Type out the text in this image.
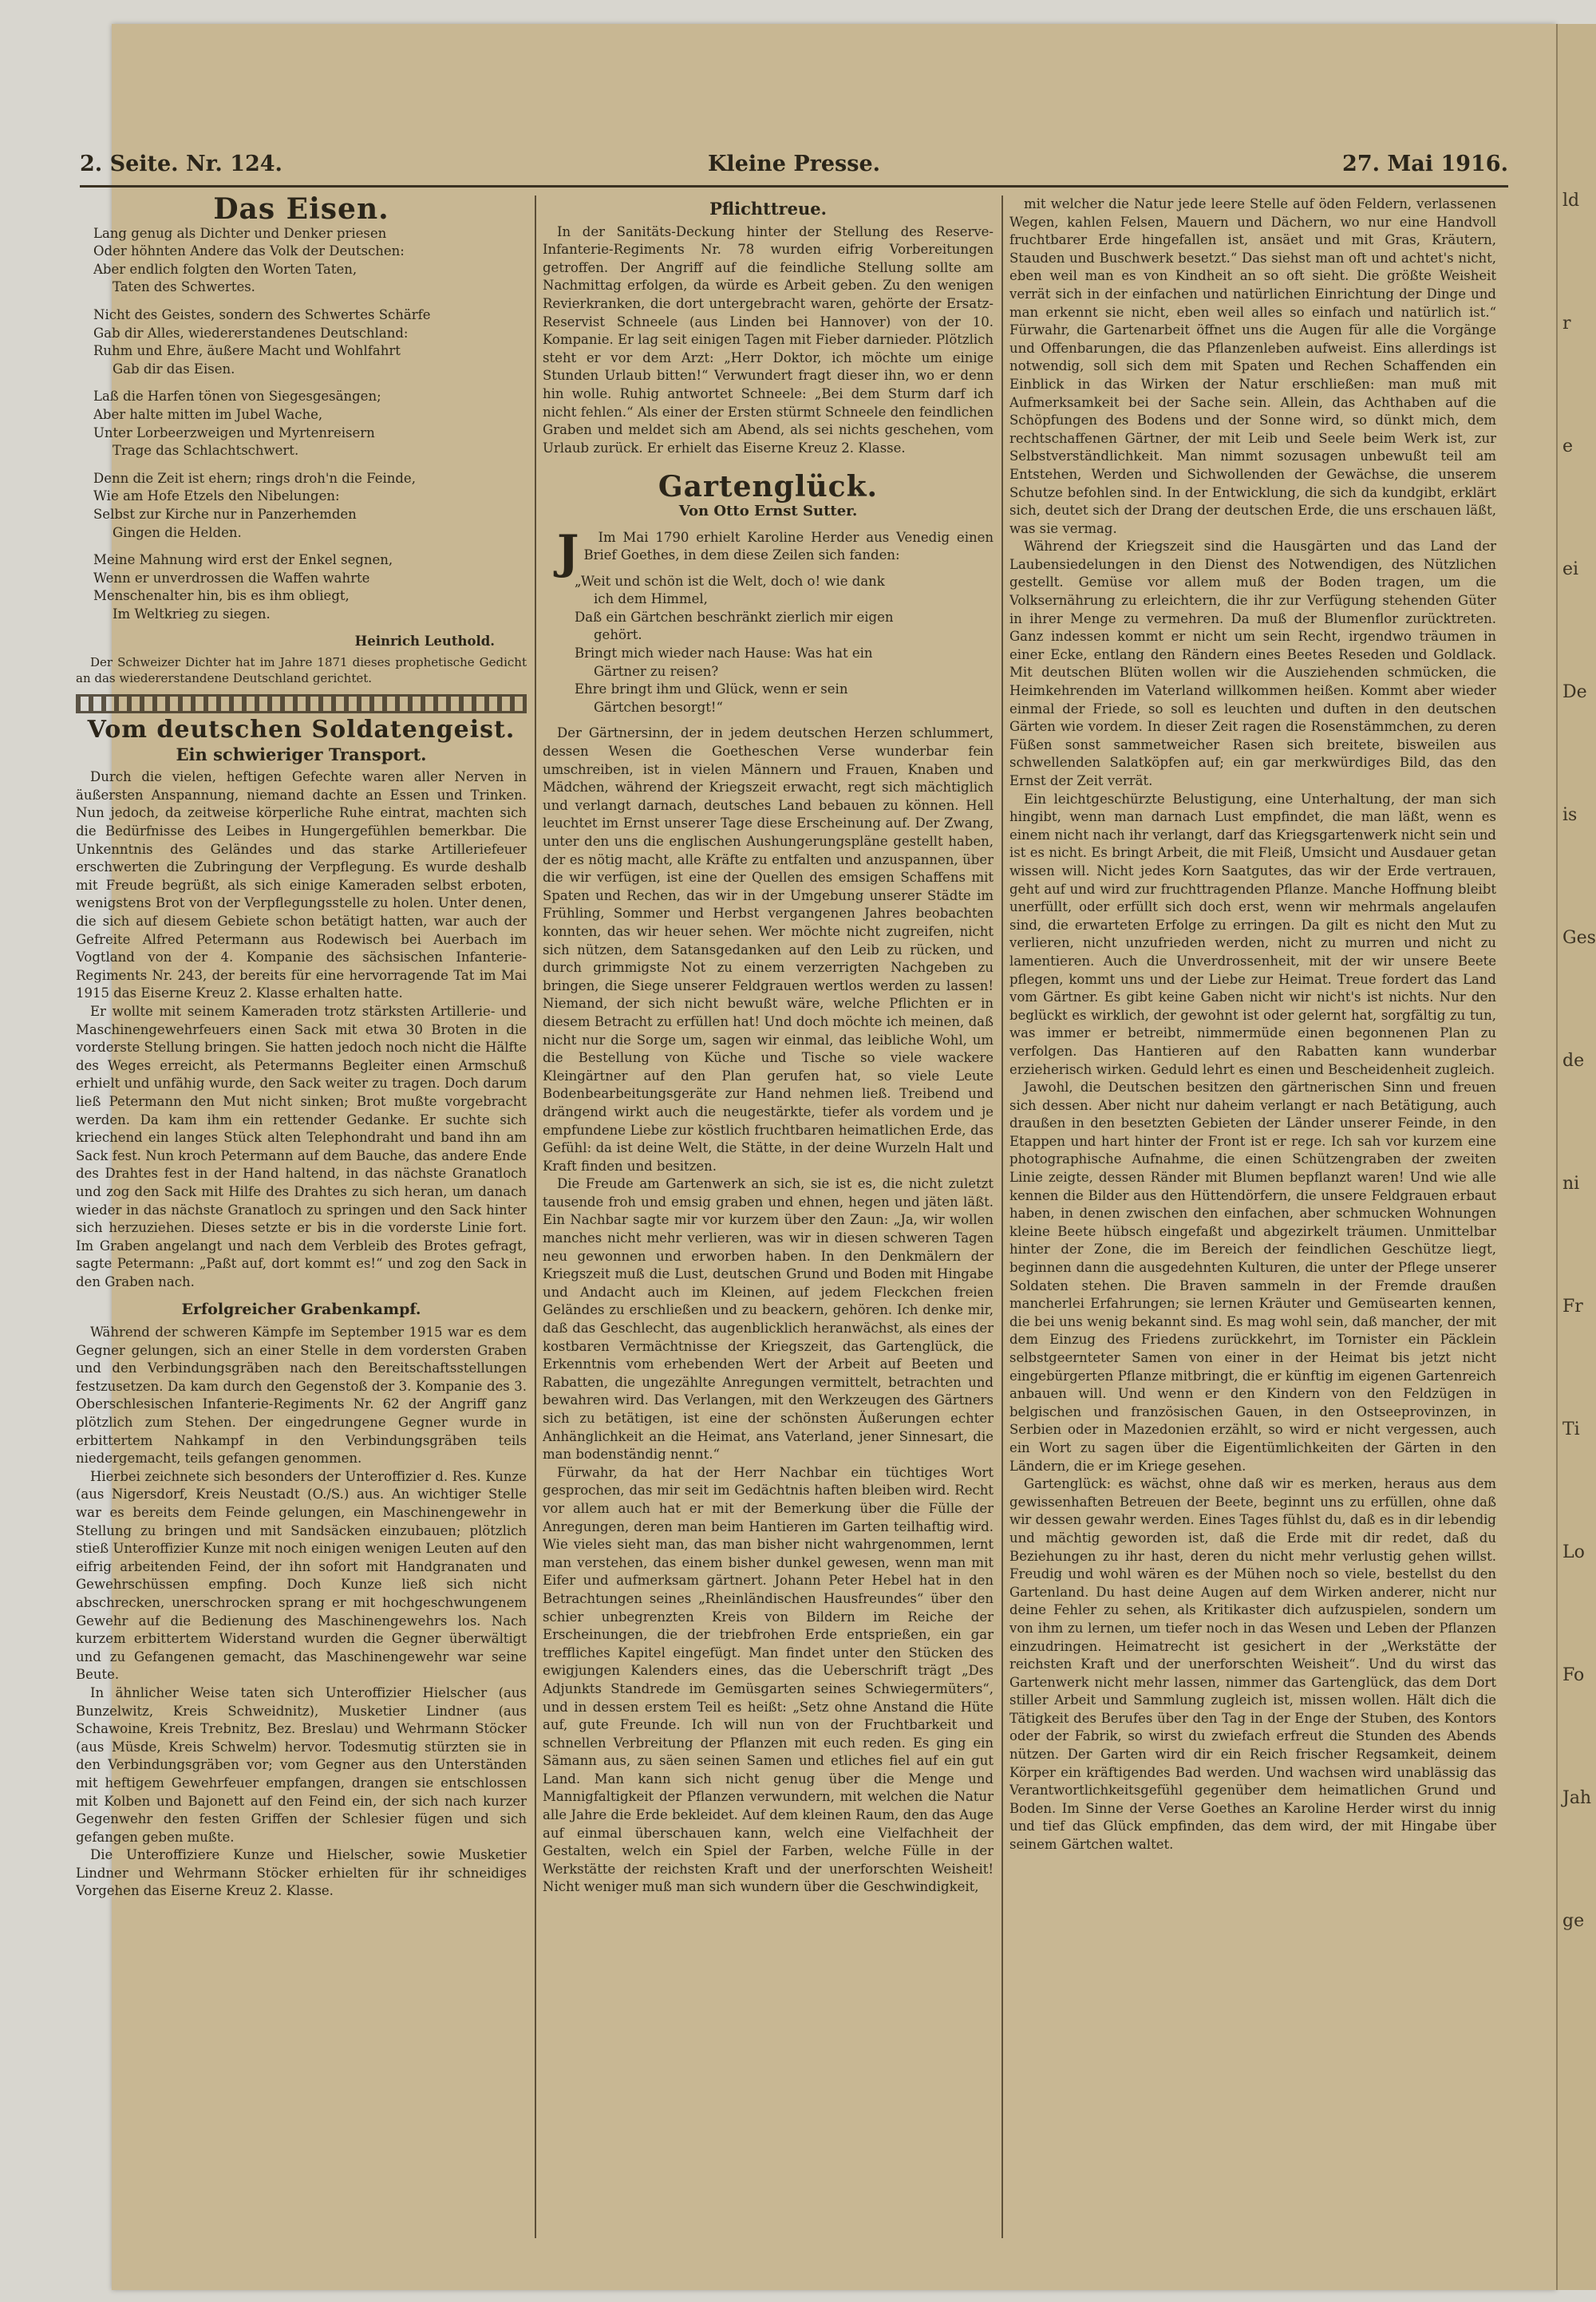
ld
r
e
ei
De
is
Ges
de
ni
Fr
Ti
Lo
Fo
Jah
ge
2. Seite. Nr. 124.	Kleine Presse.	27. Mai 1916.
Das Eisen.
Lang genug als Dichter und Denker priesen
Oder höhnten Andere das Volk der Deutschen:
Aber endlich folgten den Worten Taten,
Taten des Schwertes.
Nicht des Geistes, sondern des Schwertes Schärfe
Gab dir Alles, wiedererstandenes Deutschland:
Ruhm und Ehre, äußere Macht und Wohlfahrt
Gab dir das Eisen.
Laß die Harfen tönen von Siegesgesängen;
Aber halte mitten im Jubel Wache,
Unter Lorbeerzweigen und Myrtenreisern
Trage das Schlachtschwert.
Denn die Zeit ist ehern; rings droh'n die Feinde,
Wie am Hofe Etzels den Nibelungen:
Selbst zur Kirche nur in Panzerhemden
Gingen die Helden.
Meine Mahnung wird erst der Enkel segnen,
Wenn er unverdrossen die Waffen wahrte
Menschenalter hin, bis es ihm obliegt,
Im Weltkrieg zu siegen.
Heinrich Leuthold.

Der Schweizer Dichter hat im Jahre 1871 dieses prophetische Gedicht an das wiedererstandene Deutschland gerichtet.

Vom deutschen Soldatengeist.
Ein schwieriger Transport.

Durch die vielen, heftigen Gefechte waren aller Nerven in äußersten Anspannung, niemand dachte an Essen und Trinken. Nun jedoch, da zeitweise körperliche Ruhe eintrat, machten sich die Bedürfnisse des Leibes in Hungergefühlen bemerkbar. Die Unkenntnis des Geländes und das starke Artilleriefeuer erschwerten die Zubringung der Verpflegung. Es wurde deshalb mit Freude begrüßt, als sich einige Kameraden selbst erboten, wenigstens Brot von der Verpflegungsstelle zu holen. Unter denen, die sich auf diesem Gebiete schon betätigt hatten, war auch der Gefreite Alfred Petermann aus Rodewisch bei Auerbach im Vogtland von der 4. Kompanie des sächsischen Infanterie-Regiments Nr. 243, der bereits für eine hervorragende Tat im Mai 1915 das Eiserne Kreuz 2. Klasse erhalten hatte.

Er wollte mit seinem Kameraden trotz stärksten Artillerie- und Maschinengewehrfeuers einen Sack mit etwa 30 Broten in die vorderste Stellung bringen. Sie hatten jedoch noch nicht die Hälfte des Weges erreicht, als Petermanns Begleiter einen Armschuß erhielt und unfähig wurde, den Sack weiter zu tragen. Doch darum ließ Petermann den Mut nicht sinken; Brot mußte vorgebracht werden. Da kam ihm ein rettender Gedanke. Er suchte sich kriechend ein langes Stück alten Telephondraht und band ihn am Sack fest. Nun kroch Petermann auf dem Bauche, das andere Ende des Drahtes fest in der Hand haltend, in das nächste Granatloch und zog den Sack mit Hilfe des Drahtes zu sich heran, um danach wieder in das nächste Granatloch zu springen und den Sack hinter sich herzuziehen. Dieses setzte er bis in die vorderste Linie fort. Im Graben angelangt und nach dem Verbleib des Brotes gefragt, sagte Petermann: „Paßt auf, dort kommt es!“ und zog den Sack in den Graben nach.

Erfolgreicher Grabenkampf.

Während der schweren Kämpfe im September 1915 war es dem Gegner gelungen, sich an einer Stelle in dem vordersten Graben und den Verbindungsgräben nach den Bereitschaftsstellungen festzusetzen. Da kam durch den Gegenstoß der 3. Kompanie des 3. Oberschlesischen Infanterie-Regiments Nr. 62 der Angriff ganz plötzlich zum Stehen. Der eingedrungene Gegner wurde in erbittertem Nahkampf in den Verbindungsgräben teils niedergemacht, teils gefangen genommen.

Hierbei zeichnete sich besonders der Unteroffizier d. Res. Kunze (aus Nigersdorf, Kreis Neustadt (O./S.) aus. An wichtiger Stelle war es bereits dem Feinde gelungen, ein Maschinengewehr in Stellung zu bringen und mit Sandsäcken einzubauen; plötzlich stieß Unteroffizier Kunze mit noch einigen wenigen Leuten auf den eifrig arbeitenden Feind, der ihn sofort mit Handgranaten und Gewehrschüssen empfing. Doch Kunze ließ sich nicht abschrecken, unerschrocken sprang er mit hochgeschwungenem Gewehr auf die Bedienung des Maschinengewehrs los. Nach kurzem erbittertem Widerstand wurden die Gegner überwältigt und zu Gefangenen gemacht, das Maschinengewehr war seine Beute.

In ähnlicher Weise taten sich Unteroffizier Hielscher (aus Bunzelwitz, Kreis Schweidnitz), Musketier Lindner (aus Schawoine, Kreis Trebnitz, Bez. Breslau) und Wehrmann Stöcker (aus Müsde, Kreis Schwelm) hervor. Todesmutig stürzten sie in den Verbindungsgräben vor; vom Gegner aus den Unterständen mit heftigem Gewehrfeuer empfangen, drangen sie entschlossen mit Kolben und Bajonett auf den Feind ein, der sich nach kurzer Gegenwehr den festen Griffen der Schlesier fügen und sich gefangen geben mußte.

Die Unteroffiziere Kunze und Hielscher, sowie Musketier Lindner und Wehrmann Stöcker erhielten für ihr schneidiges Vorgehen das Eiserne Kreuz 2. Klasse.

Pflichttreue.

In der Sanitäts-Deckung hinter der Stellung des Reserve-Infanterie-Regiments Nr. 78 wurden eifrig Vorbereitungen getroffen. Der Angriff auf die feindliche Stellung sollte am Nachmittag erfolgen, da würde es Arbeit geben. Zu den wenigen Revierkranken, die dort untergebracht waren, gehörte der Ersatz-Reservist Schneele (aus Linden bei Hannover) von der 10. Kompanie. Er lag seit einigen Tagen mit Fieber darnieder. Plötzlich steht er vor dem Arzt: „Herr Doktor, ich möchte um einige Stunden Urlaub bitten!“ Verwundert fragt dieser ihn, wo er denn hin wolle. Ruhig antwortet Schneele: „Bei dem Sturm darf ich nicht fehlen.“ Als einer der Ersten stürmt Schneele den feindlichen Graben und meldet sich am Abend, als sei nichts geschehen, vom Urlaub zurück. Er erhielt das Eiserne Kreuz 2. Klasse.

Gartenglück.
Von Otto Ernst Sutter.

J Im Mai 1790 erhielt Karoline Herder aus Venedig einen Brief Goethes, in dem diese Zeilen sich fanden:

„Weit und schön ist die Welt, doch o! wie dank
ich dem Himmel,
Daß ein Gärtchen beschränkt zierlich mir eigen
gehört.
Bringt mich wieder nach Hause: Was hat ein
Gärtner zu reisen?
Ehre bringt ihm und Glück, wenn er sein
Gärtchen besorgt!“

Der Gärtnersinn, der in jedem deutschen Herzen schlummert, dessen Wesen die Goetheschen Verse wunderbar fein umschreiben, ist in vielen Männern und Frauen, Knaben und Mädchen, während der Kriegszeit erwacht, regt sich mächtiglich und verlangt darnach, deutsches Land bebauen zu können. Hell leuchtet im Ernst unserer Tage diese Erscheinung auf. Der Zwang, unter den uns die englischen Aushungerungspläne gestellt haben, der es nötig macht, alle Kräfte zu entfalten und anzuspannen, über die wir verfügen, ist eine der Quellen des emsigen Schaffens mit Spaten und Rechen, das wir in der Umgebung unserer Städte im Frühling, Sommer und Herbst vergangenen Jahres beobachten konnten, das wir heuer sehen. Wer möchte nicht zugreifen, nicht sich nützen, dem Satansgedanken auf den Leib zu rücken, und durch grimmigste Not zu einem verzerrigten Nachgeben zu bringen, die Siege unserer Feldgrauen wertlos werden zu lassen! Niemand, der sich nicht bewußt wäre, welche Pflichten er in diesem Betracht zu erfüllen hat! Und doch möchte ich meinen, daß nicht nur die Sorge um, sagen wir einmal, das leibliche Wohl, um die Bestellung von Küche und Tische so viele wackere Kleingärtner auf den Plan gerufen hat, so viele Leute Bodenbearbeitungsgeräte zur Hand nehmen ließ. Treibend und drängend wirkt auch die neugestärkte, tiefer als vordem und je empfundene Liebe zur köstlich fruchtbaren heimatlichen Erde, das Gefühl: da ist deine Welt, die Stätte, in der deine Wurzeln Halt und Kraft finden und besitzen.

Die Freude am Gartenwerk an sich, sie ist es, die nicht zuletzt tausende froh und emsig graben und ehnen, hegen und jäten läßt. Ein Nachbar sagte mir vor kurzem über den Zaun: „Ja, wir wollen manches nicht mehr verlieren, was wir in diesen schweren Tagen neu gewonnen und erworben haben. In den Denkmälern der Kriegszeit muß die Lust, deutschen Grund und Boden mit Hingabe und Andacht auch im Kleinen, auf jedem Fleckchen freien Geländes zu erschließen und zu beackern, gehören. Ich denke mir, daß das Geschlecht, das augenblicklich heranwächst, als eines der kostbaren Vermächtnisse der Kriegszeit, das Gartenglück, die Erkenntnis vom erhebenden Wert der Arbeit auf Beeten und Rabatten, die ungezählte Anregungen vermittelt, betrachten und bewahren wird. Das Verlangen, mit den Werkzeugen des Gärtners sich zu betätigen, ist eine der schönsten Äußerungen echter Anhänglichkeit an die Heimat, ans Vaterland, jener Sinnesart, die man bodenständig nennt.“

Fürwahr, da hat der Herr Nachbar ein tüchtiges Wort gesprochen, das mir seit im Gedächtnis haften bleiben wird. Recht vor allem auch hat er mit der Bemerkung über die Fülle der Anregungen, deren man beim Hantieren im Garten teilhaftig wird. Wie vieles sieht man, das man bisher nicht wahrgenommen, lernt man verstehen, das einem bisher dunkel gewesen, wenn man mit Eifer und aufmerksam gärtnert. Johann Peter Hebel hat in den Betrachtungen seines „Rheinländischen Hausfreundes“ über den schier unbegrenzten Kreis von Bildern im Reiche der Erscheinungen, die der triebfrohen Erde entsprießen, ein gar treffliches Kapitel eingefügt. Man findet unter den Stücken des ewigjungen Kalenders eines, das die Ueberschrift trägt „Des Adjunkts Standrede im Gemüsgarten seines Schwiegermüters“, und in dessen erstem Teil es heißt: „Setz ohne Anstand die Hüte auf, gute Freunde. Ich will nun von der Fruchtbarkeit und schnellen Verbreitung der Pflanzen mit euch reden. Es ging ein Sämann aus, zu säen seinen Samen und etliches fiel auf ein gut Land. Man kann sich nicht genug über die Menge und Mannigfaltigkeit der Pflanzen verwundern, mit welchen die Natur alle Jahre die Erde bekleidet. Auf dem kleinen Raum, den das Auge auf einmal überschauen kann, welch eine Vielfachheit der Gestalten, welch ein Spiel der Farben, welche Fülle in der Werkstätte der reichsten Kraft und der unerforschten Weisheit! Nicht weniger muß man sich wundern über die Geschwindigkeit,

mit welcher die Natur jede leere Stelle auf öden Feldern, verlassenen Wegen, kahlen Felsen, Mauern und Dächern, wo nur eine Handvoll fruchtbarer Erde hingefallen ist, ansäet und mit Gras, Kräutern, Stauden und Buschwerk besetzt.“ Das siehst man oft und achtet's nicht, eben weil man es von Kindheit an so oft sieht. Die größte Weisheit verrät sich in der einfachen und natürlichen Einrichtung der Dinge und man erkennt sie nicht, eben weil alles so einfach und natürlich ist.“ Fürwahr, die Gartenarbeit öffnet uns die Augen für alle die Vorgänge und Offenbarungen, die das Pflanzenleben aufweist. Eins allerdings ist notwendig, soll sich dem mit Spaten und Rechen Schaffenden ein Einblick in das Wirken der Natur erschließen: man muß mit Aufmerksamkeit bei der Sache sein. Allein, das Achthaben auf die Schöpfungen des Bodens und der Sonne wird, so dünkt mich, dem rechtschaffenen Gärtner, der mit Leib und Seele beim Werk ist, zur Selbstverständlichkeit. Man nimmt sozusagen unbewußt teil am Entstehen, Werden und Sichwollenden der Gewächse, die unserem Schutze befohlen sind. In der Entwicklung, die sich da kundgibt, erklärt sich, deutet sich der Drang der deutschen Erde, die uns erschauen läßt, was sie vermag.

Während der Kriegszeit sind die Hausgärten und das Land der Laubensiedelungen in den Dienst des Notwendigen, des Nützlichen gestellt. Gemüse vor allem muß der Boden tragen, um die Volksernährung zu erleichtern, die ihr zur Verfügung stehenden Güter in ihrer Menge zu vermehren. Da muß der Blumenflor zurücktreten. Ganz indessen kommt er nicht um sein Recht, irgendwo träumen in einer Ecke, entlang den Rändern eines Beetes Reseden und Goldlack. Mit deutschen Blüten wollen wir die Ausziehenden schmücken, die Heimkehrenden im Vaterland willkommen heißen. Kommt aber wieder einmal der Friede, so soll es leuchten und duften in den deutschen Gärten wie vordem. In dieser Zeit ragen die Rosenstämmchen, zu deren Füßen sonst sammetweicher Rasen sich breitete, bisweilen aus schwellenden Salatköpfen auf; ein gar merkwürdiges Bild, das den Ernst der Zeit verrät.

Ein leichtgeschürzte Belustigung, eine Unterhaltung, der man sich hingibt, wenn man darnach Lust empfindet, die man läßt, wenn es einem nicht nach ihr verlangt, darf das Kriegsgartenwerk nicht sein und ist es nicht. Es bringt Arbeit, die mit Fleiß, Umsicht und Ausdauer getan wissen will. Nicht jedes Korn Saatgutes, das wir der Erde vertrauen, geht auf und wird zur fruchttragenden Pflanze. Manche Hoffnung bleibt unerfüllt, oder erfüllt sich doch erst, wenn wir mehrmals angelaufen sind, die erwarteten Erfolge zu erringen. Da gilt es nicht den Mut zu verlieren, nicht unzufrieden werden, nicht zu murren und nicht zu lamentieren. Auch die Unverdrossenheit, mit der wir unsere Beete pflegen, kommt uns und der Liebe zur Heimat. Treue fordert das Land vom Gärtner. Es gibt keine Gaben nicht wir nicht's ist nichts. Nur den beglückt es wirklich, der gewohnt ist oder gelernt hat, sorgfältig zu tun, was immer er betreibt, nimmermüde einen begonnenen Plan zu verfolgen. Das Hantieren auf den Rabatten kann wunderbar erzieherisch wirken. Geduld lehrt es einen und Bescheidenheit zugleich.

Jawohl, die Deutschen besitzen den gärtnerischen Sinn und freuen sich dessen. Aber nicht nur daheim verlangt er nach Betätigung, auch draußen in den besetzten Gebieten der Länder unserer Feinde, in den Etappen und hart hinter der Front ist er rege. Ich sah vor kurzem eine photographische Aufnahme, die einen Schützengraben der zweiten Linie zeigte, dessen Ränder mit Blumen bepflanzt waren! Und wie alle kennen die Bilder aus den Hüttendörfern, die unsere Feldgrauen erbaut haben, in denen zwischen den einfachen, aber schmucken Wohnungen kleine Beete hübsch eingefaßt und abgezirkelt träumen. Unmittelbar hinter der Zone, die im Bereich der feindlichen Geschütze liegt, beginnen dann die ausgedehnten Kulturen, die unter der Pflege unserer Soldaten stehen. Die Braven sammeln in der Fremde draußen mancherlei Erfahrungen; sie lernen Kräuter und Gemüsearten kennen, die bei uns wenig bekannt sind. Es mag wohl sein, daß mancher, der mit dem Einzug des Friedens zurückkehrt, im Tornister ein Päcklein selbstgeernteter Samen von einer in der Heimat bis jetzt nicht eingebürgerten Pflanze mitbringt, die er künftig im eigenen Gartenreich anbauen will. Und wenn er den Kindern von den Feldzügen in belgischen und französischen Gauen, in den Ostseeprovinzen, in Serbien oder in Mazedonien erzählt, so wird er nicht vergessen, auch ein Wort zu sagen über die Eigentümlichkeiten der Gärten in den Ländern, die er im Kriege gesehen.

Gartenglück: es wächst, ohne daß wir es merken, heraus aus dem gewissenhaften Betreuen der Beete, beginnt uns zu erfüllen, ohne daß wir dessen gewahr werden. Eines Tages fühlst du, daß es in dir lebendig und mächtig geworden ist, daß die Erde mit dir redet, daß du Beziehungen zu ihr hast, deren du nicht mehr verlustig gehen willst. Freudig und wohl wären es der Mühen noch so viele, bestellst du den Gartenland. Du hast deine Augen auf dem Wirken anderer, nicht nur deine Fehler zu sehen, als Kritikaster dich aufzuspielen, sondern um von ihm zu lernen, um tiefer noch in das Wesen und Leben der Pflanzen einzudringen. Heimatrecht ist gesichert in der „Werkstätte der reichsten Kraft und der unerforschten Weisheit“. Und du wirst das Gartenwerk nicht mehr lassen, nimmer das Gartenglück, das dem Dort stiller Arbeit und Sammlung zugleich ist, missen wollen. Hält dich die Tätigkeit des Berufes über den Tag in der Enge der Stuben, des Kontors oder der Fabrik, so wirst du zwiefach erfreut die Stunden des Abends nützen. Der Garten wird dir ein Reich frischer Regsamkeit, deinem Körper ein kräftigendes Bad werden. Und wachsen wird unablässig das Verantwortlichkeitsgefühl gegenüber dem heimatlichen Grund und Boden. Im Sinne der Verse Goethes an Karoline Herder wirst du innig und tief das Glück empfinden, das dem wird, der mit Hingabe über seinem Gärtchen waltet.
